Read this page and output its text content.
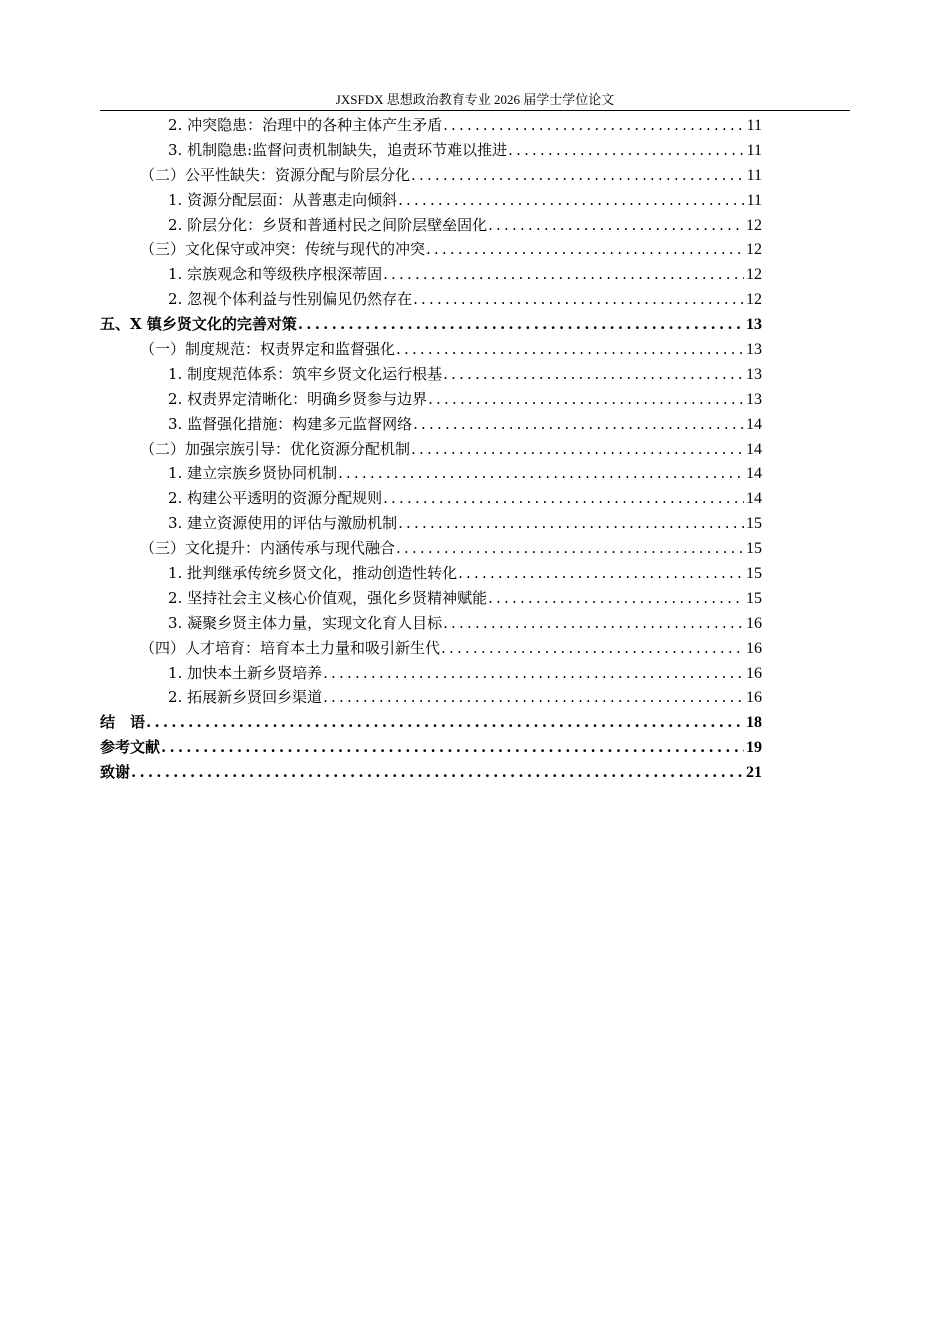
JXSFDX 思想政治教育专业 2026 届学士学位论文
2. 冲突隐患：治理中的各种主体产生矛盾 .....	11
3. 机制隐患:监督问责机制缺失，追责环节难以推进 .....	11
（二）公平性缺失：资源分配与阶层分化 .....	11
1. 资源分配层面：从普惠走向倾斜 .....	11
2. 阶层分化：乡贤和普通村民之间阶层壁垒固化 .....	12
（三）文化保守或冲突：传统与现代的冲突 .....	12
1. 宗族观念和等级秩序根深蒂固 .....	12
2. 忽视个体利益与性别偏见仍然存在 .....	12
五、X 镇乡贤文化的完善对策 .....	13
（一）制度规范：权责界定和监督强化 .....	13
1. 制度规范体系：筑牢乡贤文化运行根基 .....	13
2. 权责界定清晰化：明确乡贤参与边界 .....	13
3. 监督强化措施：构建多元监督网络 .....	14
（二）加强宗族引导：优化资源分配机制 .....	14
1. 建立宗族乡贤协同机制 .....	14
2. 构建公平透明的资源分配规则 .....	14
3. 建立资源使用的评估与激励机制 .....	15
（三）文化提升：内涵传承与现代融合 .....	15
1. 批判继承传统乡贤文化，推动创造性转化 .....	15
2. 坚持社会主义核心价值观，强化乡贤精神赋能 .....	15
3. 凝聚乡贤主体力量，实现文化育人目标 .....	16
（四）人才培育：培育本土力量和吸引新生代 .....	16
1. 加快本土新乡贤培养 .....	16
2. 拓展新乡贤回乡渠道 .....	16
结　语 .....	18
参考文献 .....	19
致谢 .....	21
